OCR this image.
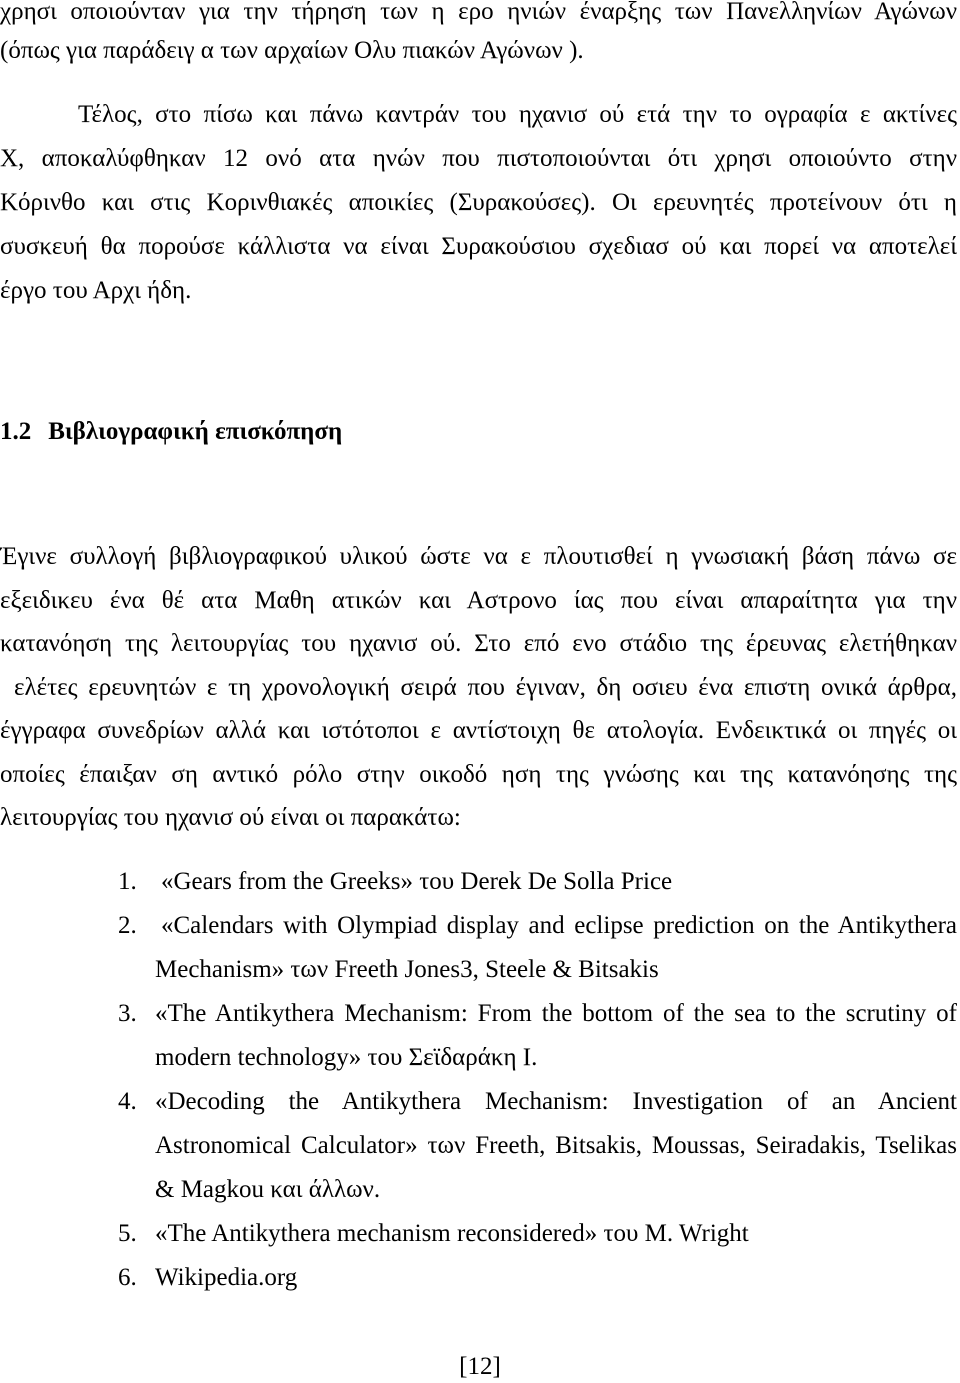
χρησι οποιούνταν για την τήρηση των η ερο ηνιών έναρξης των Πανελληνίων Αγώνων
(όπως για παράδειγ α των αρχαίων Ολυ πιακών Αγώνων ).
Τέλος, στο πίσω και πάνω καντράν του ηχανισ ού ετά την το ογραφία ε ακτίνες
Χ, αποκαλύφθηκαν 12 ονό ατα ηνών που πιστοποιούνται ότι χρησι οποιούντο στην
Κόρινθο και στις Κορινθιακές αποικίες (Συρακούσες). Οι ερευνητές προτείνουν ότι η
συσκευή θα πορούσε κάλλιστα να είναι Συρακούσιου σχεδιασ ού και πορεί να αποτελεί
έργο του Αρχι ήδη.
1.2 Βιβλιογραφική επισκόπηση
Έγινε συλλογή βιβλιογραφικού υλικού ώστε να ε πλουτισθεί η γνωσιακή βάση πάνω σε
εξειδικευ ένα θέ ατα Μαθη ατικών και Αστρονο ίας που είναι απαραίτητα για την
κατανόηση της λειτουργίας του ηχανισ ού. Στο επό ενο στάδιο της έρευνας ελετήθηκαν
ελέτες ερευνητών ε τη χρονολογική σειρά που έγιναν, δη οσιευ ένα επιστη ονικά άρθρα,
έγγραφα συνεδρίων αλλά και ιστότοποι ε αντίστοιχη θε ατολογία. Ενδεικτικά οι πηγές οι
οποίες έπαιξαν ση αντικό ρόλο στην οικοδό ηση της γνώσης και της κατανόησης της
λειτουργίας του ηχανισ ού είναι οι παρακάτω:
1. «Gears from the Greeks» του Derek De Solla Price
2. «Calendars with Olympiad display and eclipse prediction on the Antikythera
Mechanism» των Freeth Jones3, Steele & Bitsakis
3. «The Antikythera Mechanism: From the bottom of the sea to the scrutiny of
modern technology» του Σεϊδαράκη Ι.
4. «Decoding the Antikythera Mechanism: Investigation of an Ancient
Astronomical Calculator» των Freeth, Bitsakis, Moussas, Seiradakis, Tselikas
& Magkou και άλλων.
5. «The Antikythera mechanism reconsidered» του M. Wright
6. Wikipedia.org
[12]
